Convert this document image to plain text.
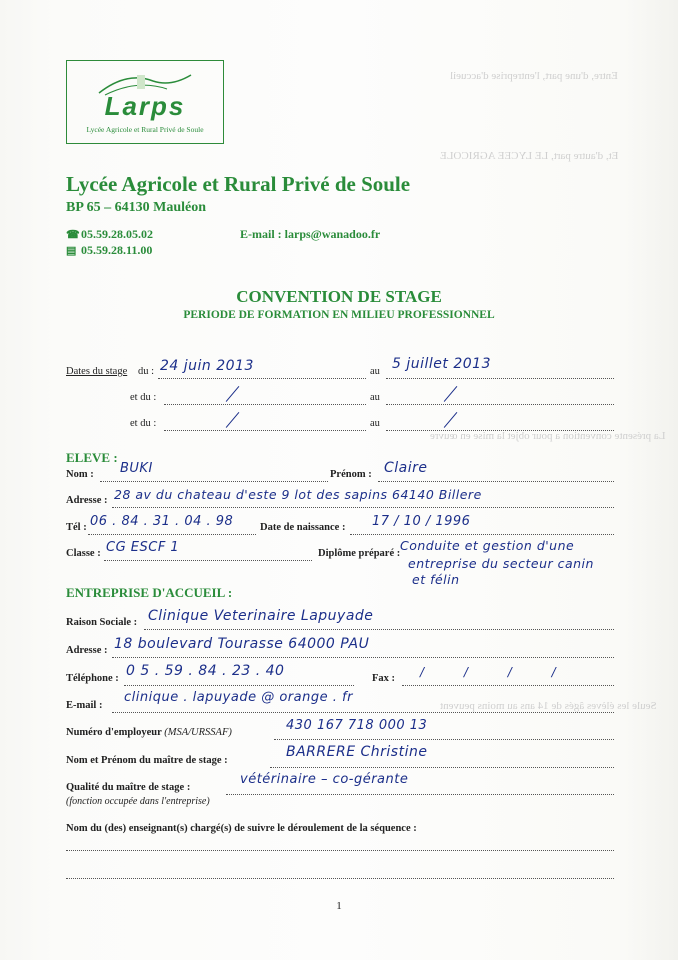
Entre, d'une part, l'entreprise d'accueil
Et, d'autre part, LE LYCEE AGRICOLE
La présente convention a pour objet la mise en œuvre
Seule les élèves âgés de 14 ans au moins peuvent
Larps
Lycée Agricole et Rural Privé de Soule
Lycée Agricole et Rural Privé de Soule
BP 65 – 64130 Mauléon
☎ 05.59.28.05.02
▤ 05.59.28.11.00
E-mail : larps@wanadoo.fr
CONVENTION DE STAGE
PERIODE DE FORMATION EN MILIEU PROFESSIONNEL
Dates du stage du : 24 juin 2013	au 5 juillet 2013
et du :	au
et du :	au
ELEVE :
Nom : BUKI	Prénom : Claire
Adresse : 28 av du chateau d'este 9 lot des sapins 64140 Billere
Tél : 06 . 84 . 31 . 04 . 98	Date de naissance : 17 / 10 / 1996
Classe : CG ESCF 1	Diplôme préparé :
Conduite et gestion d'une
entreprise du secteur canin
et félin
ENTREPRISE D'ACCUEIL :
Raison Sociale : Clinique Veterinaire Lapuyade
Adresse : 18 boulevard Tourasse 64000 PAU
Téléphone : 0 5 . 59 . 84 . 23 . 40	Fax : / / / /
E-mail :
clinique . lapuyade @ orange . fr
Numéro d'employeur (MSA/URSSAF)	430 167 718 000 13
Nom et Prénom du maître de stage :
BARRERE Christine
Qualité du maître de stage :
(fonction occupée dans l'entreprise)
vétérinaire – co-gérante
Nom du (des) enseignant(s) chargé(s) de suivre le déroulement de la séquence :
1
